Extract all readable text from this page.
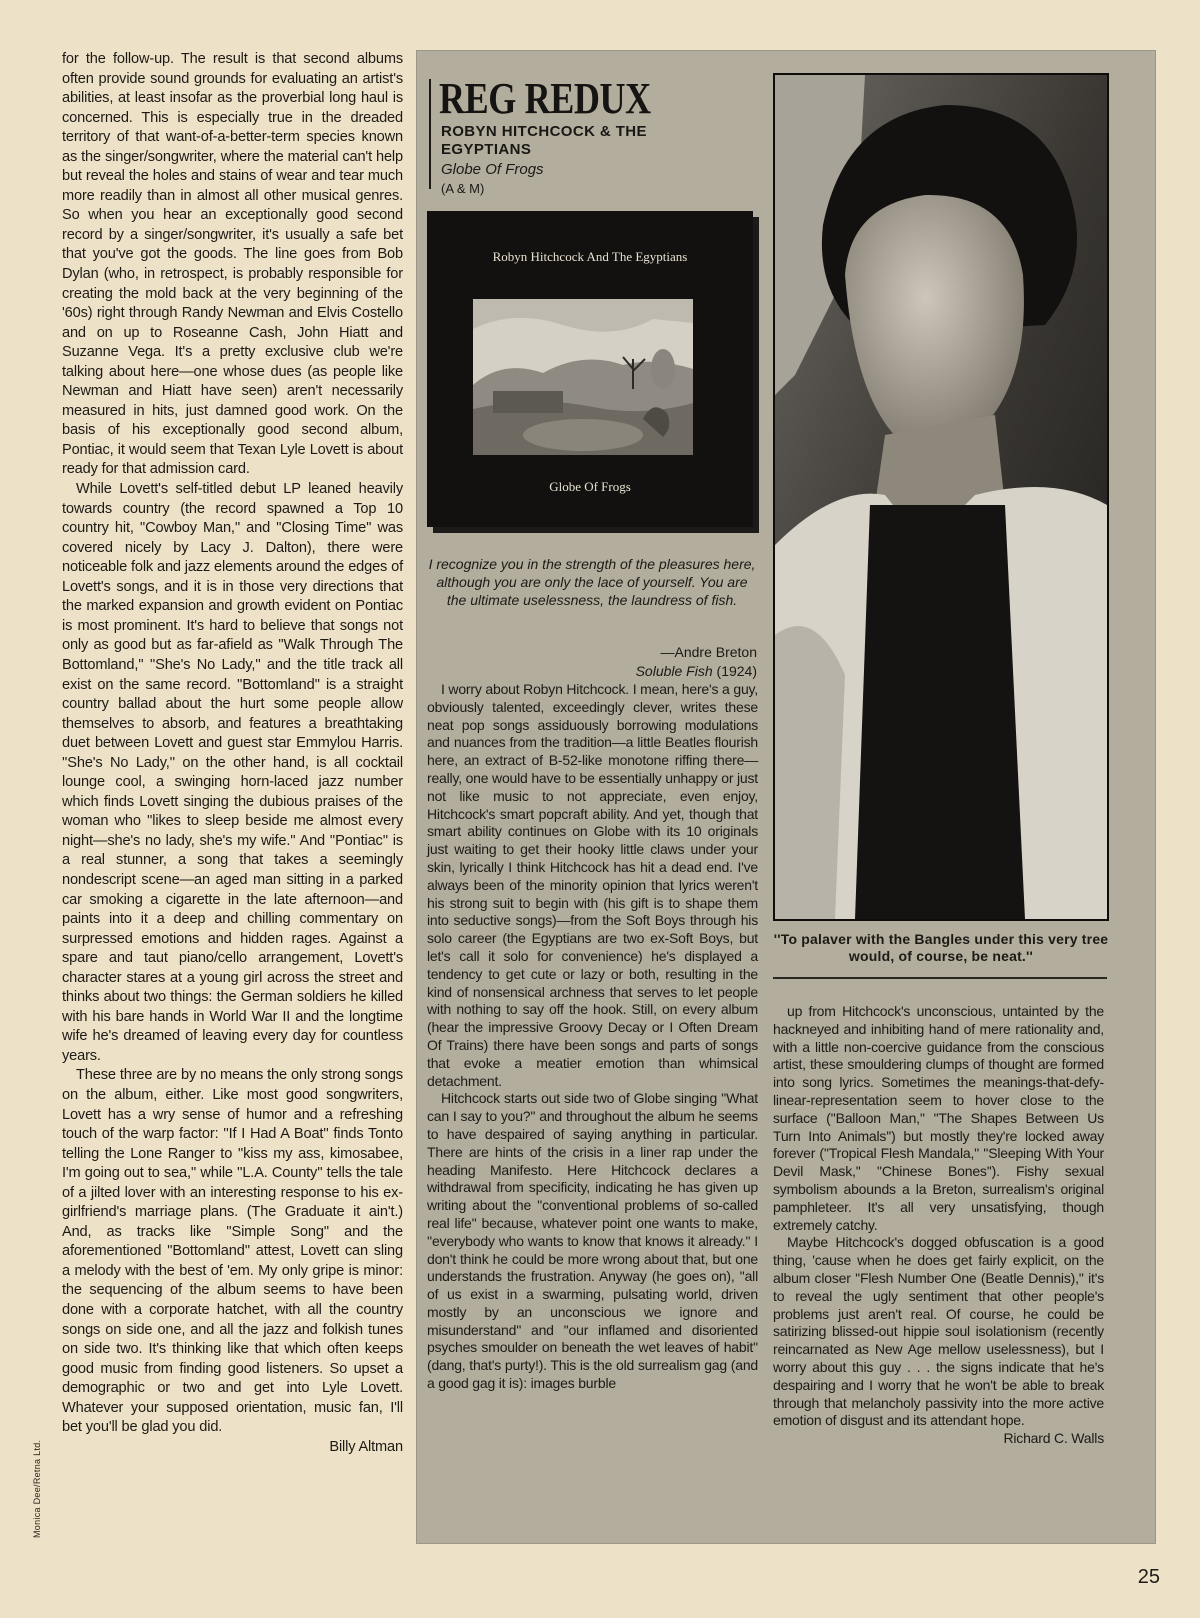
for the follow-up. The result is that second albums often provide sound grounds for evaluating an artist's abilities, at least insofar as the proverbial long haul is concerned. This is especially true in the dreaded territory of that want-of-a-better-term species known as the singer/songwriter, where the material can't help but reveal the holes and stains of wear and tear much more readily than in almost all other musical genres. So when you hear an exceptionally good second record by a singer/songwriter, it's usually a safe bet that you've got the goods. The line goes from Bob Dylan (who, in retrospect, is probably responsible for creating the mold back at the very beginning of the '60s) right through Randy Newman and Elvis Costello and on up to Roseanne Cash, John Hiatt and Suzanne Vega. It's a pretty exclusive club we're talking about here—one whose dues (as people like Newman and Hiatt have seen) aren't necessarily measured in hits, just damned good work. On the basis of his exceptionally good second album, Pontiac, it would seem that Texan Lyle Lovett is about ready for that admission card.

While Lovett's self-titled debut LP leaned heavily towards country (the record spawned a Top 10 country hit, ''Cowboy Man,'' and ''Closing Time'' was covered nicely by Lacy J. Dalton), there were noticeable folk and jazz elements around the edges of Lovett's songs, and it is in those very directions that the marked expansion and growth evident on Pontiac is most prominent. It's hard to believe that songs not only as good but as far-afield as ''Walk Through The Bottomland,'' ''She's No Lady,'' and the title track all exist on the same record. ''Bottomland'' is a straight country ballad about the hurt some people allow themselves to absorb, and features a breathtaking duet between Lovett and guest star Emmylou Harris. ''She's No Lady,'' on the other hand, is all cocktail lounge cool, a swinging horn-laced jazz number which finds Lovett singing the dubious praises of the woman who ''likes to sleep beside me almost every night—she's no lady, she's my wife.'' And ''Pontiac'' is a real stunner, a song that takes a seemingly nondescript scene—an aged man sitting in a parked car smoking a cigarette in the late afternoon—and paints into it a deep and chilling commentary on surpressed emotions and hidden rages. Against a spare and taut piano/cello arrangement, Lovett's character stares at a young girl across the street and thinks about two things: the German soldiers he killed with his bare hands in World War II and the longtime wife he's dreamed of leaving every day for countless years.

These three are by no means the only strong songs on the album, either. Like most good songwriters, Lovett has a wry sense of humor and a refreshing touch of the warp factor: ''If I Had A Boat'' finds Tonto telling the Lone Ranger to ''kiss my ass, kimosabee, I'm going out to sea,'' while ''L.A. County'' tells the tale of a jilted lover with an interesting response to his ex-girlfriend's marriage plans. (The Graduate it ain't.) And, as tracks like ''Simple Song'' and the aforementioned ''Bottomland'' attest, Lovett can sling a melody with the best of 'em. My only gripe is minor: the sequencing of the album seems to have been done with a corporate hatchet, with all the country songs on side one, and all the jazz and folkish tunes on side two. It's thinking like that which often keeps good music from finding good listeners. So upset a demographic or two and get into Lyle Lovett. Whatever your supposed orientation, music fan, I'll bet you'll be glad you did.

Billy Altman

Monica Dee/Retna Ltd.
REG REDUX
ROBYN HITCHCOCK & THE EGYPTIANS
Globe Of Frogs
(A & M)
Robyn Hitchcock And The Egyptians
Globe Of Frogs
I recognize you in the strength of the pleasures here, although you are only the lace of yourself. You are the ultimate uselessness, the laundress of fish.
—Andre Breton
Soluble Fish (1924)

I worry about Robyn Hitchcock. I mean, here's a guy, obviously talented, exceedingly clever, writes these neat pop songs assiduously borrowing modulations and nuances from the tradition—a little Beatles flourish here, an extract of B-52-like monotone riffing there—really, one would have to be essentially unhappy or just not like music to not appreciate, even enjoy, Hitchcock's smart popcraft ability. And yet, though that smart ability continues on Globe with its 10 originals just waiting to get their hooky little claws under your skin, lyrically I think Hitchcock has hit a dead end. I've always been of the minority opinion that lyrics weren't his strong suit to begin with (his gift is to shape them into seductive songs)—from the Soft Boys through his solo career (the Egyptians are two ex-Soft Boys, but let's call it solo for convenience) he's displayed a tendency to get cute or lazy or both, resulting in the kind of nonsensical archness that serves to let people with nothing to say off the hook. Still, on every album (hear the impressive Groovy Decay or I Often Dream Of Trains) there have been songs and parts of songs that evoke a meatier emotion than whimsical detachment.

Hitchcock starts out side two of Globe singing ''What can I say to you?'' and throughout the album he seems to have despaired of saying anything in particular. There are hints of the crisis in a liner rap under the heading Manifesto. Here Hitchcock declares a withdrawal from specificity, indicating he has given up writing about the ''conventional problems of so-called real life'' because, whatever point one wants to make, ''everybody who wants to know that knows it already.'' I don't think he could be more wrong about that, but one understands the frustration. Anyway (he goes on), ''all of us exist in a swarming, pulsating world, driven mostly by an unconscious we ignore and misunderstand'' and ''our inflamed and disoriented psyches smoulder on beneath the wet leaves of habit'' (dang, that's purty!). This is the old surrealism gag (and a good gag it is): images burble

''To palaver with the Bangles under this very tree would, of course, be neat.''

up from Hitchcock's unconscious, untainted by the hackneyed and inhibiting hand of mere rationality and, with a little non-coercive guidance from the conscious artist, these smouldering clumps of thought are formed into song lyrics. Sometimes the meanings-that-defy-linear-representation seem to hover close to the surface (''Balloon Man,'' ''The Shapes Between Us Turn Into Animals'') but mostly they're locked away forever (''Tropical Flesh Mandala,'' ''Sleeping With Your Devil Mask,'' ''Chinese Bones''). Fishy sexual symbolism abounds a la Breton, surrealism's original pamphleteer. It's all very unsatisfying, though extremely catchy.

Maybe Hitchcock's dogged obfuscation is a good thing, 'cause when he does get fairly explicit, on the album closer ''Flesh Number One (Beatle Dennis),'' it's to reveal the ugly sentiment that other people's problems just aren't real. Of course, he could be satirizing blissed-out hippie soul isolationism (recently reincarnated as New Age mellow uselessness), but I worry about this guy . . . the signs indicate that he's despairing and I worry that he won't be able to break through that melancholy passivity into the more active emotion of disgust and its attendant hope.

Richard C. Walls

25
